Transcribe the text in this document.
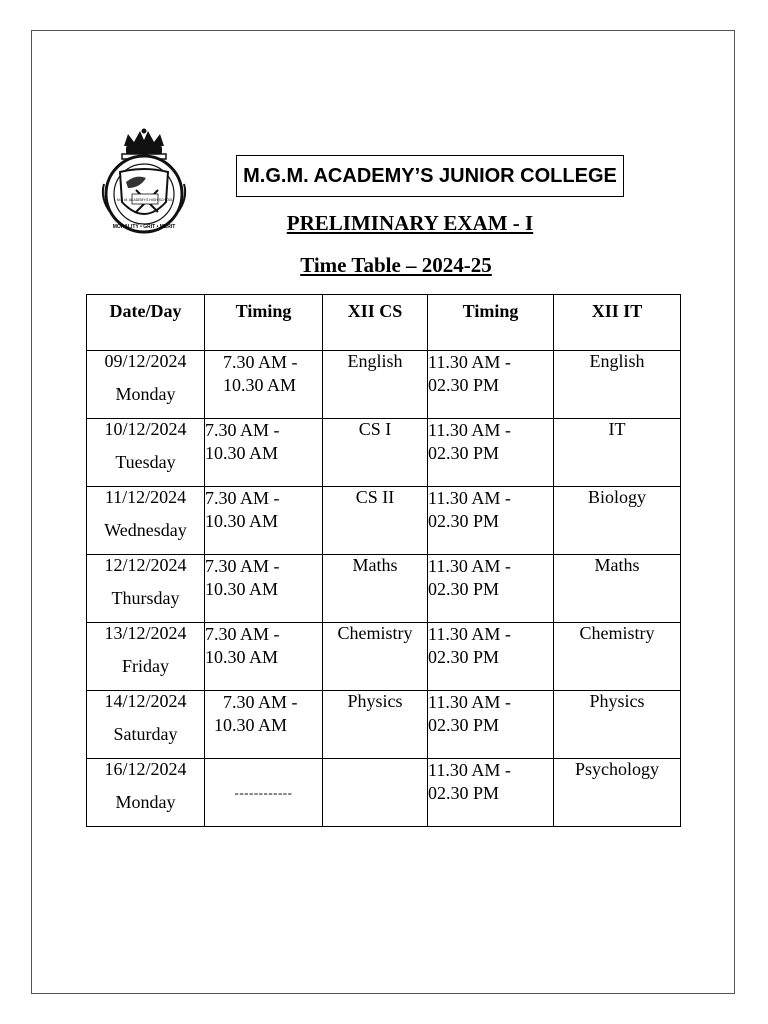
M.G.M. ACADEMY'S HIGH SCHOOL
MORALITY • GRIT • MERIT
M.G.M. ACADEMY’S JUNIOR COLLEGE
PRELIMINARY EXAM - I
Time Table – 2024-25
Date/Day	Timing	XII CS	Timing	XII IT

09/12/2024
Monday	7.30 AM -
10.30 AM	English	11.30 AM -
02.30 PM	English

10/12/2024
Tuesday	7.30 AM -
10.30 AM	CS I	11.30 AM -
02.30 PM	IT

11/12/2024
Wednesday	7.30 AM -
10.30 AM	CS II	11.30 AM -
02.30 PM	Biology

12/12/2024
Thursday	7.30 AM -
10.30 AM	Maths	11.30 AM -
02.30 PM	Maths

13/12/2024
Friday	7.30 AM -
10.30 AM	Chemistry	11.30 AM -
02.30 PM	Chemistry

14/12/2024
Saturday	7.30 AM -
10.30 AM	Physics	11.30 AM -
02.30 PM	Physics

16/12/2024
Monday	------------		11.30 AM -
02.30 PM	Psychology
